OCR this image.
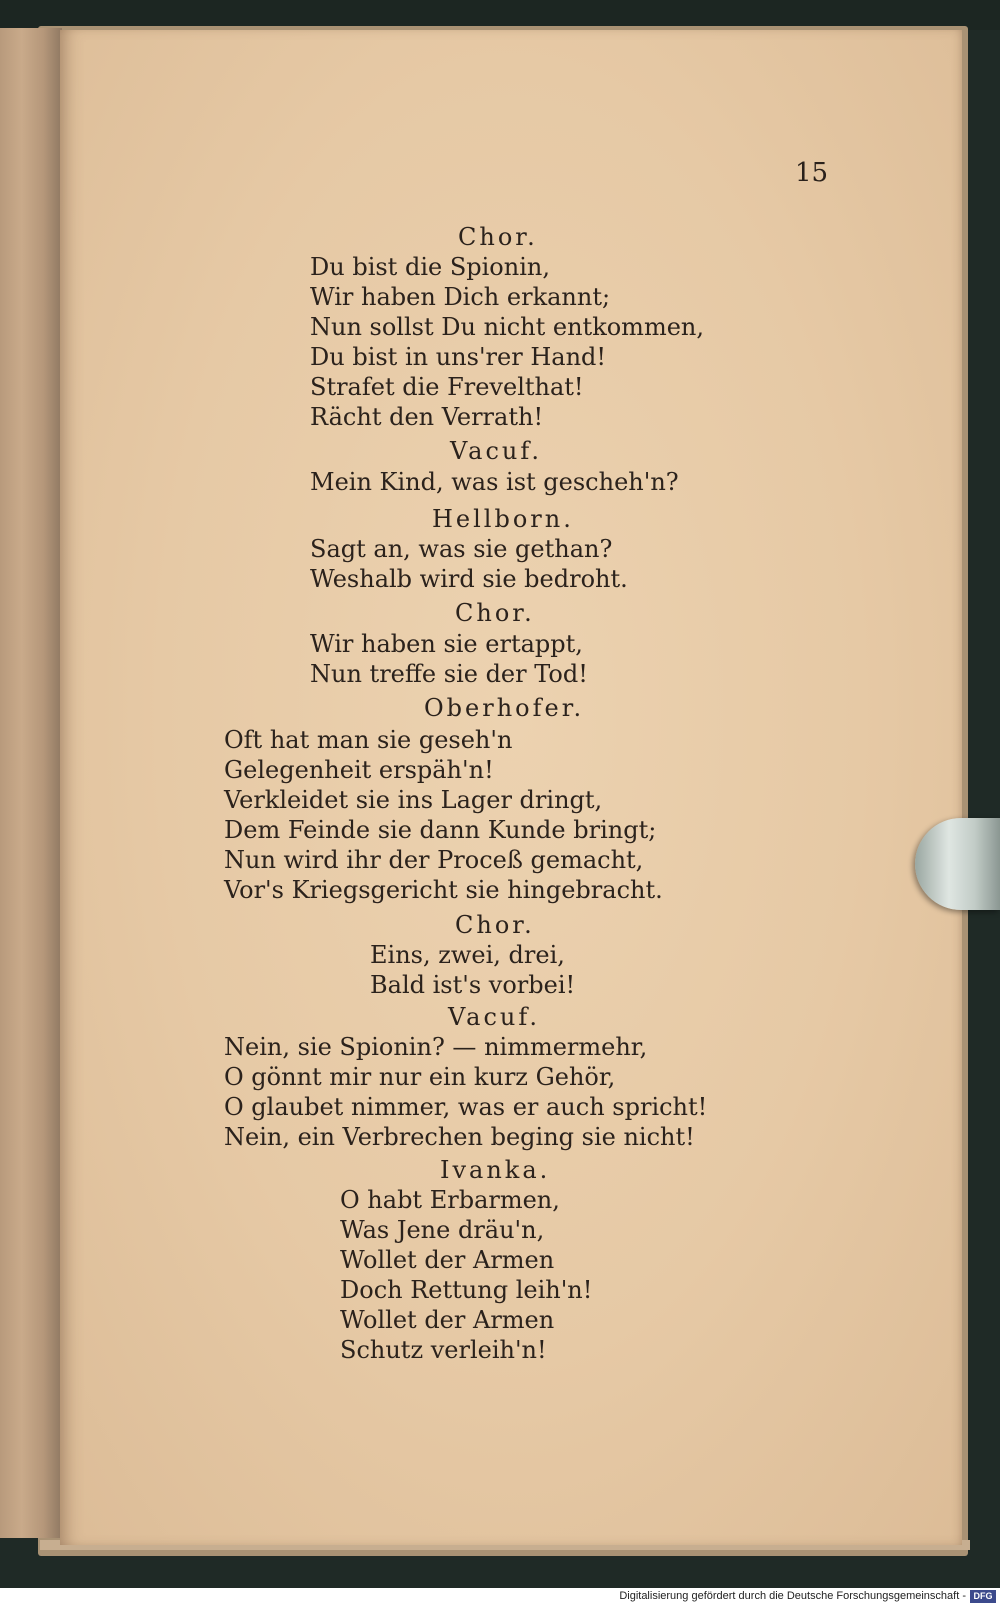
15
Chor.
Du bist die Spionin,
Wir haben Dich erkannt;
Nun sollst Du nicht entkommen,
Du bist in uns'rer Hand!
Strafet die Frevelthat!
Rächt den Verrath!
Vacuf.
Mein Kind, was ist gescheh'n?
Hellborn.
Sagt an, was sie gethan?
Weshalb wird sie bedroht.
Chor.
Wir haben sie ertappt,
Nun treffe sie der Tod!
Oberhofer.
Oft hat man sie geseh'n
Gelegenheit erspäh'n!
Verkleidet sie ins Lager dringt,
Dem Feinde sie dann Kunde bringt;
Nun wird ihr der Proceß gemacht,
Vor's Kriegsgericht sie hingebracht.
Chor.
Eins, zwei, drei,
Bald ist's vorbei!
Vacuf.
Nein, sie Spionin? — nimmermehr,
O gönnt mir nur ein kurz Gehör,
O glaubet nimmer, was er auch spricht!
Nein, ein Verbrechen beging sie nicht!
Ivanka.
O habt Erbarmen,
Was Jene dräu'n,
Wollet der Armen
Doch Rettung leih'n!
Wollet der Armen
Schutz verleih'n!
Digitalisierung gefördert durch die Deutsche Forschungsgemeinschaft - DFG
